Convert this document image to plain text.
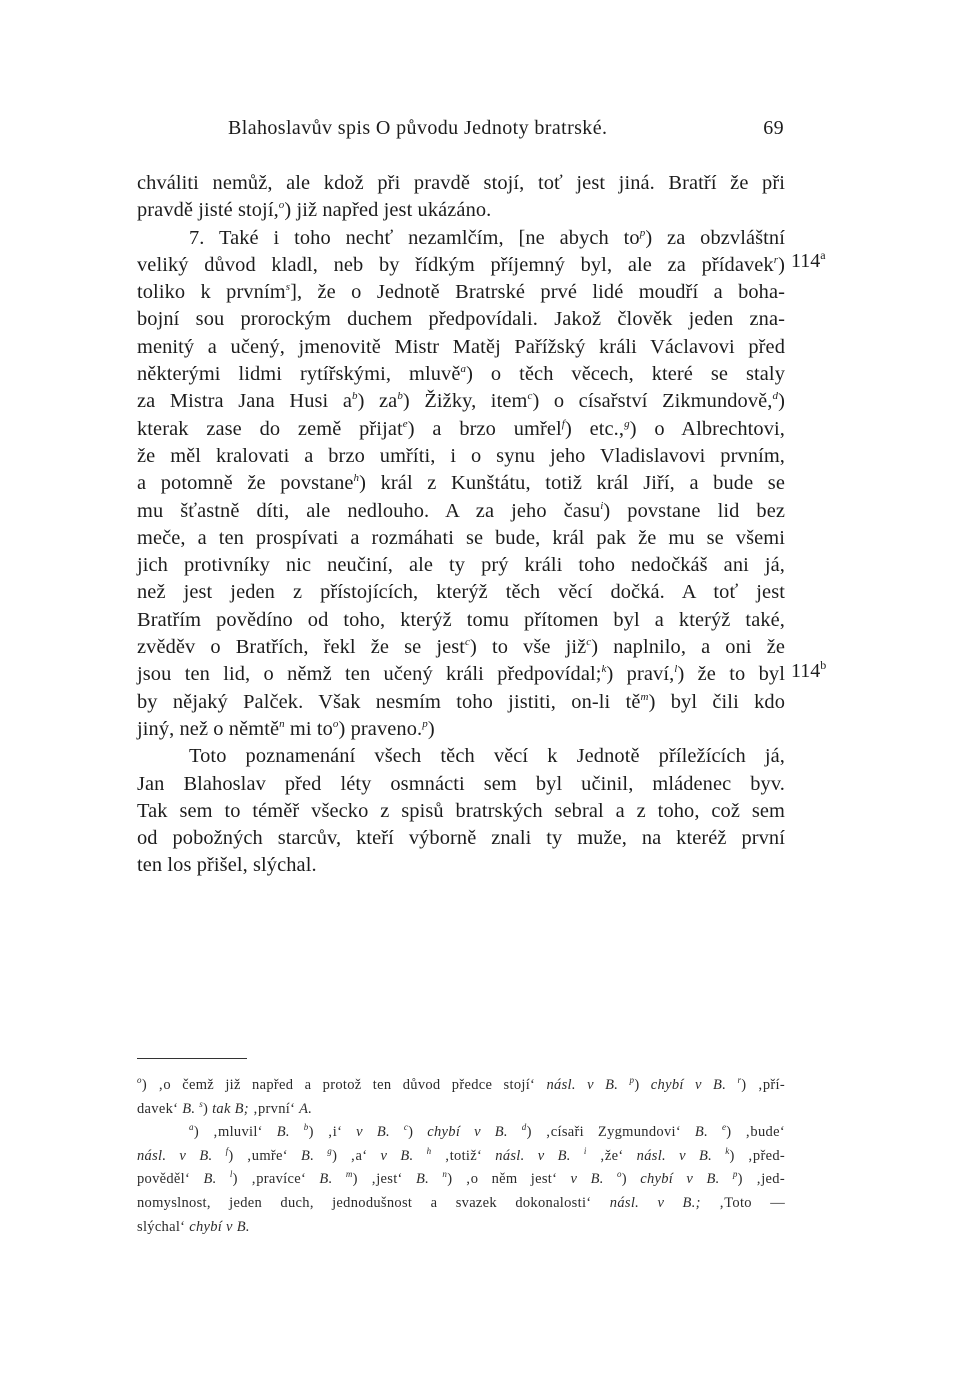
Blahoslavův spis O původu Jednoty bratrské.	69
114$^a$
114$^b$
chváliti nemůž, ale kdož při pravdě stojí, toť jest jiná. Bratří že při
pravdě jisté stojí,$^o$) již napřed jest ukázáno.
7. Také i toho nechť nezamlčím, [ne abych $to^p$) za obzvláštní
veliký důvod kladl, neb by řídkým příjemný byl, ale za přídavek$^r$)
toliko k prvním$^s$], že o Jednotě Bratrské prvé lidé moudří a boha-
bojní sou prorockým duchem předpovídali. Jakož člověk jeden zna-
menitý a učený, jmenovitě Mistr Matěj Pařížský králi Václavovi před
některými lidmi rytířskými, mluvě$^a$) o těch věcech, které se staly
za Mistra Jana Husi $a^b$) $za^b$) Žižky, item$^c$) o císařství Zikmundově,$^d$)
kterak zase do země přijat$^e$) a brzo umřel$^f$) etc.,$^g$) o Albrechtovi,
že měl kralovati a brzo umříti, i o synu jeho Vladislavovi prvním,
a potomně že povstane$^h$) král z Kunštátu, totiž král Jiří, a bude se
mu šťastně díti, ale nedlouho. A za jeho času$^i$) povstane lid bez
meče, a ten prospívati a rozmáhati se bude, král pak že mu se všemi
jich protivníky nic neučiní, ale ty prý králi toho nedočkáš ani já,
než jest jeden z přístojících, kterýž těch věcí dočká. A toť jest
Bratřím povědíno od toho, kterýž tomu přítomen byl a kterýž také,
zvěděv o Bratřích, řekl že se jest$^c$) to vše již$^c$) naplnilo, a oni že
jsou ten lid, o němž ten učený králi předpovídal;$^k$) praví,$^l$) že to byl
by nějaký Palček. Však nesmím toho jistiti, on-li $tě^m$) byl čili kdo
jiný, než o němtě$^n$ mi $to^o$) praveno.$^p$)
Toto poznamenání všech těch věcí k Jednotě příležících já,
Jan Blahoslav před léty osmnácti sem byl učinil, mládenec byv.
Tak sem to téměř všecko z spisů bratrských sebral a z toho, což sem
od pobožných starcův, kteří výborně znali ty muže, na kteréž první
ten los přišel, slýchal.
$^o$) ‚o čemž již napřed a protož ten důvod předce stojí‘ násl. v B. $^p$) chybí v B. $^r$) ‚pří-
davek‘ B. $^s$) tak B; ‚první‘ A.
$^a$) ‚mluvil‘ B. $^b$) ‚i‘ v B. $^c$) chybí v B. $^d$) ‚císaři Zygmundovi‘ B. $^e$) ‚bude‘
násl. v B. $^f$) ‚umře‘ B. $^g$) ‚a‘ v B. $^h$ ‚totiž‘ násl. v B. $^i$ ‚že‘ násl. v B. $^k$) ‚před-
pověděl‘ B. $^l$) ‚pravíce‘ B. $^m$) ‚jest‘ B. $^n$) ‚o něm jest‘ v B. $^o$) chybí v B. $^p$) ‚jed-
nomyslnost, jeden duch, jednodušnost a svazek dokonalosti‘ násl. v B.; ‚Toto —
slýchal‘ chybí v B.
